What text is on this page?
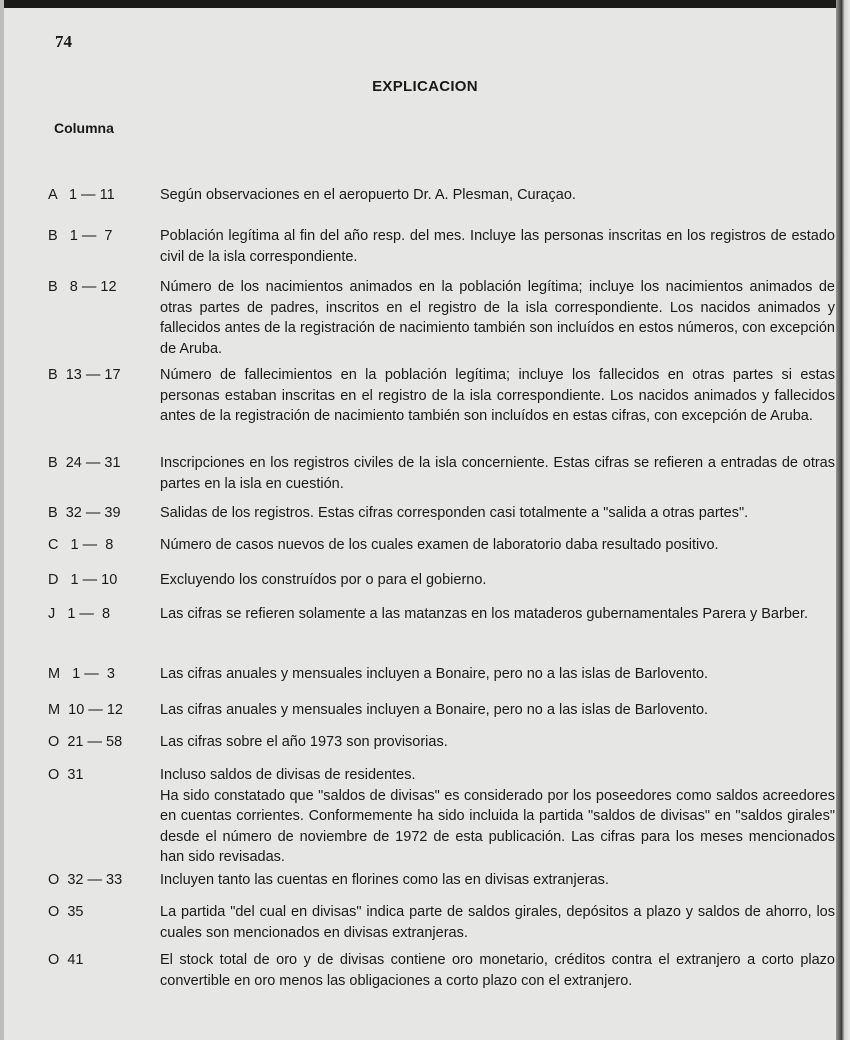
74
EXPLICACION
Columna
A   1 — 11	Según observaciones en el aeropuerto Dr. A. Plesman, Curaçao.

B   1 —  7	Población legítima al fin del año resp. del mes. Incluye las personas inscritas en los registros de estado civil de la isla correspondiente.

B   8 — 12	Número de los nacimientos animados en la población legítima; incluye los nacimientos animados de otras partes de padres, inscritos en el registro de la isla correspondiente. Los nacidos animados y fallecidos antes de la registración de nacimiento también son incluídos en estos números, con excepción de Aruba.

B  13 — 17	Número de fallecimientos en la población legítima; incluye los fallecidos en otras partes si estas personas estaban inscritas en el registro de la isla correspondiente. Los nacidos animados y fallecidos antes de la registración de nacimiento también son incluídos en estas cifras, con excepción de Aruba.

B  24 — 31	Inscripciones en los registros civiles de la isla concerniente. Estas cifras se refieren a entradas de otras partes en la isla en cuestión.

B  32 — 39	Salidas de los registros. Estas cifras corresponden casi totalmente a "salida a otras partes".

C   1 —  8	Número de casos nuevos de los cuales examen de laboratorio daba resultado positivo.

D   1 — 10	Excluyendo los construídos por o para el gobierno.

J   1 —  8	Las cifras se refieren solamente a las matanzas en los mataderos gubernamentales Parera y Barber.

M   1 —  3	Las cifras anuales y mensuales incluyen a Bonaire, pero no a las islas de Barlovento.

M  10 — 12	Las cifras anuales y mensuales incluyen a Bonaire, pero no a las islas de Barlovento.

O  21 — 58	Las cifras sobre el año 1973 son provisorias.

O  31	Incluso saldos de divisas de residentes.

Ha sido constatado que "saldos de divisas" es considerado por los poseedores como saldos acreedores en cuentas corrientes. Conformemente ha sido incluida la partida "saldos de divisas" en "saldos girales" desde el número de noviembre de 1972 de esta publicación. Las cifras para los meses mencionados han sido revisadas.

O  32 — 33	Incluyen tanto las cuentas en florines como las en divisas extranjeras.

O  35	La partida "del cual en divisas" indica parte de saldos girales, depósitos a plazo y saldos de ahorro, los cuales son mencionados en divisas extranjeras.

O  41	El stock total de oro y de divisas contiene oro monetario, créditos contra el extranjero a corto plazo convertible en oro menos las obligaciones a corto plazo con el extranjero.
